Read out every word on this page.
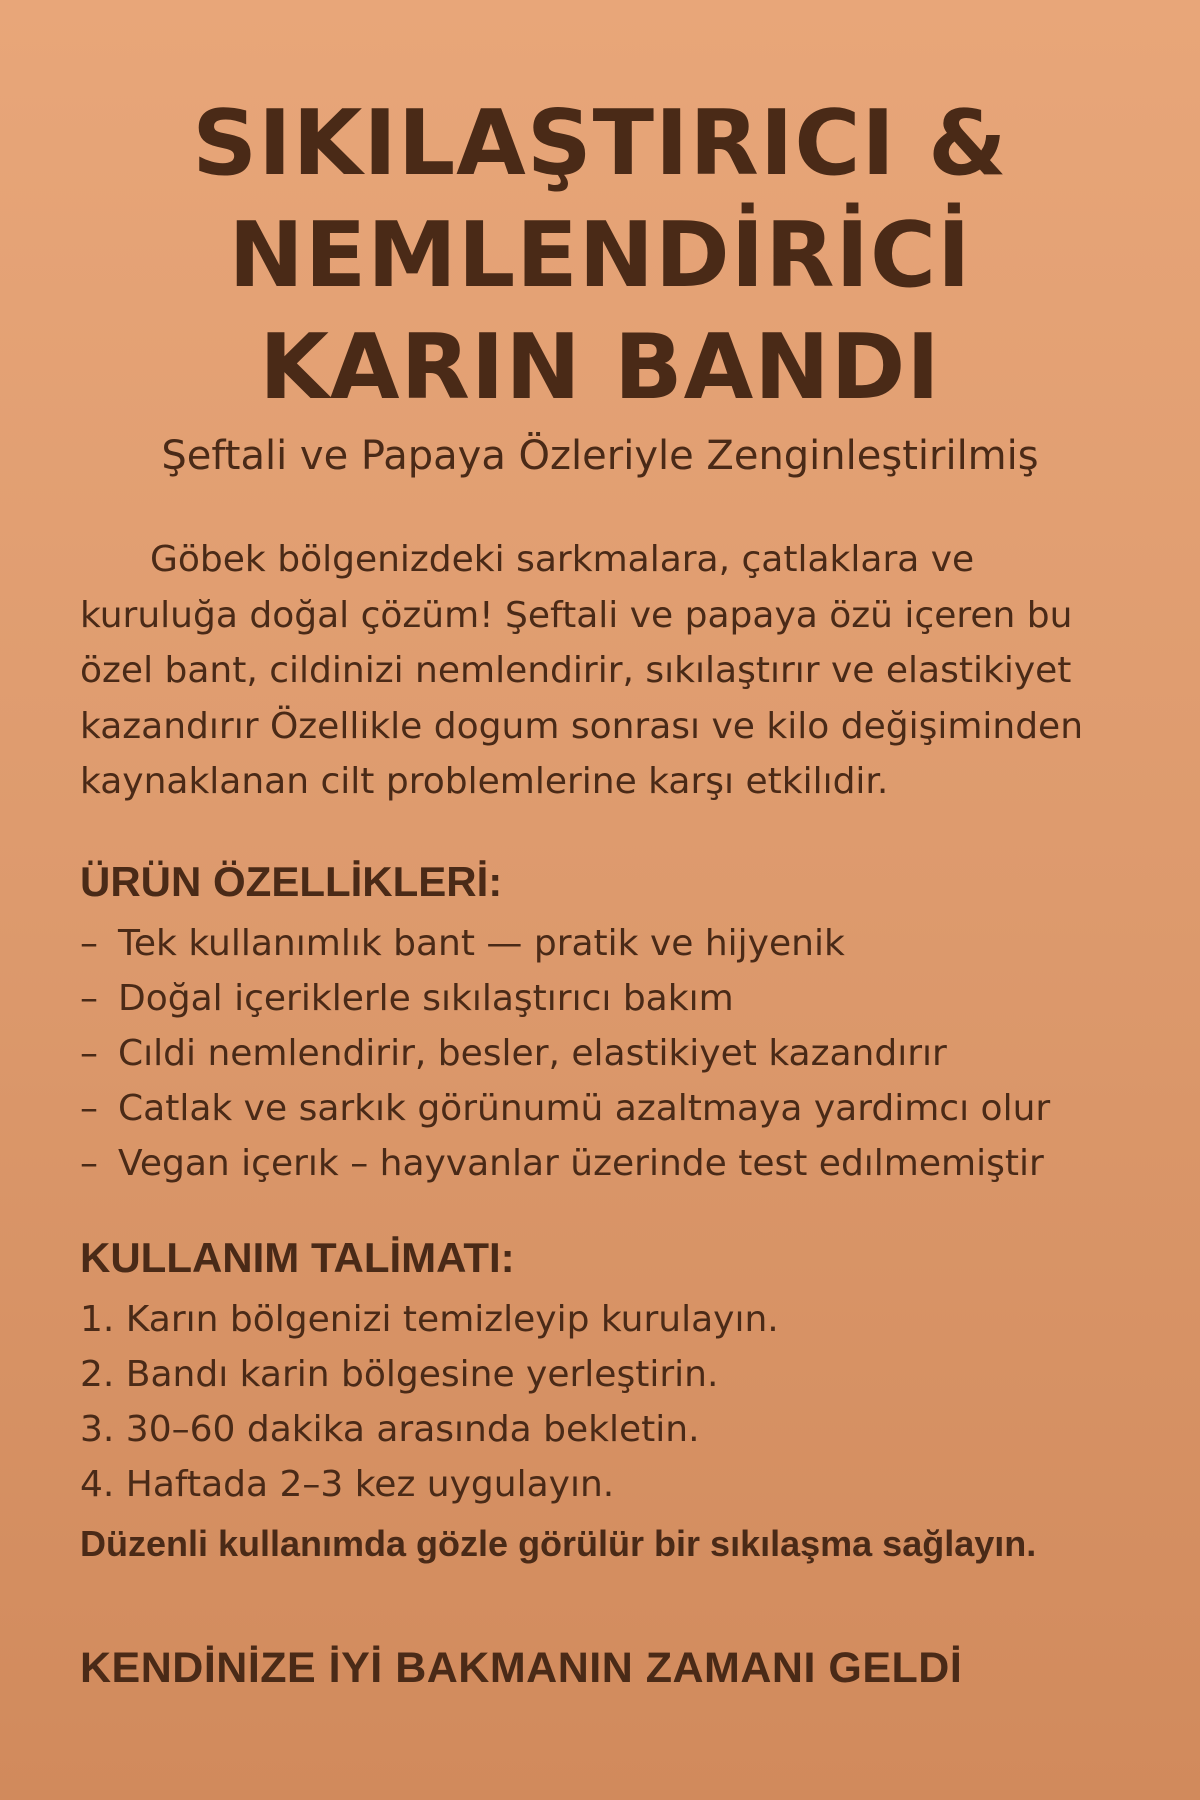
SIKILAŞTIRICI &
NEMLENDİRİCİ
KARIN BANDI

Şeftali ve Papaya Özleriyle Zenginleştirilmiş

Göbek bölgenizdeki sarkmalara, çatlaklara ve kuruluğa doğal çözüm! Şeftali ve papaya özü içeren bu özel bant, cildinizi nemlendirir, sıkılaştırır ve elastikiyet kazandırır Özellikle dogum sonrası ve kilo değişiminden kaynaklanan cilt problemlerine karşı etkilıdir.

ÜRÜN ÖZELLİKLERİ:
– Tek kullanımlık bant — pratik ve hijyenik
– Doğal içeriklerle sıkılaştırıcı bakım
– Cıldi nemlendirir, besler, elastikiyet kazandırır
– Catlak ve sarkık görünumü azaltmaya yardimcı olur
– Vegan içerık – hayvanlar üzerinde test edılmemiştir
KULLANIM TALİMATI:
1. Karın bölgenizi temizleyip kurulayın.
2. Bandı karin bölgesine yerleştirin.
3. 30–60 dakika arasında bekletin.
4. Haftada 2–3 kez uygulayın.

Düzenli kullanımda gözle görülür bir sıkılaşma sağlayın.

KENDİNİZE İYİ BAKMANIN ZAMANI GELDİ
